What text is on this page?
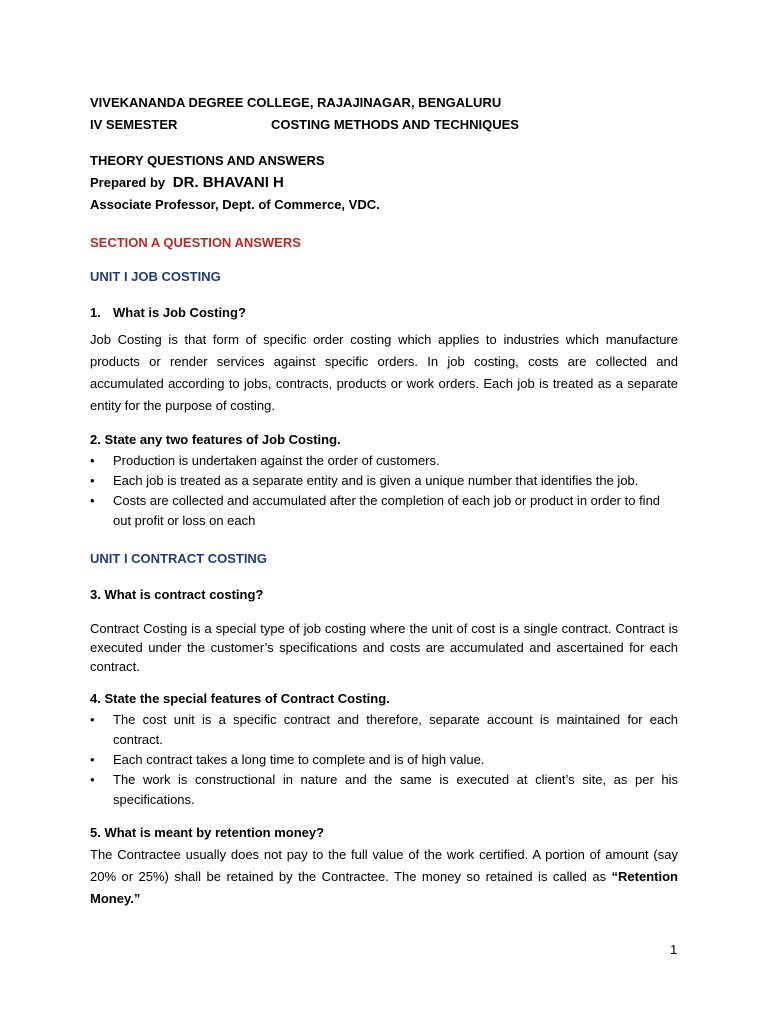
VIVEKANANDA DEGREE COLLEGE, RAJAJINAGAR, BENGALURU
IV SEMESTER	COSTING METHODS AND TECHNIQUES
THEORY QUESTIONS AND ANSWERS
Prepared by DR. BHAVANI H
Associate Professor, Dept. of Commerce, VDC.
SECTION A QUESTION ANSWERS
UNIT I JOB COSTING
1. What is Job Costing?

Job Costing is that form of specific order costing which applies to industries which manufacture products or render services against specific orders. In job costing, costs are collected and accumulated according to jobs, contracts, products or work orders. Each job is treated as a separate entity for the purpose of costing.

2. State any two features of Job Costing.
• Production is undertaken against the order of customers.
• Each job is treated as a separate entity and is given a unique number that identifies the job.
• Costs are collected and accumulated after the completion of each job or product in order to find out profit or loss on each
UNIT I CONTRACT COSTING
3. What is contract costing?

Contract Costing is a special type of job costing where the unit of cost is a single contract. Contract is executed under the customer’s specifications and costs are accumulated and ascertained for each contract.

4. State the special features of Contract Costing.
• The cost unit is a specific contract and therefore, separate account is maintained for each contract.
• Each contract takes a long time to complete and is of high value.
• The work is constructional in nature and the same is executed at client’s site, as per his specifications.
5. What is meant by retention money?

The Contractee usually does not pay to the full value of the work certified. A portion of amount (say 20% or 25%) shall be retained by the Contractee. The money so retained is called as “Retention Money.”

1
